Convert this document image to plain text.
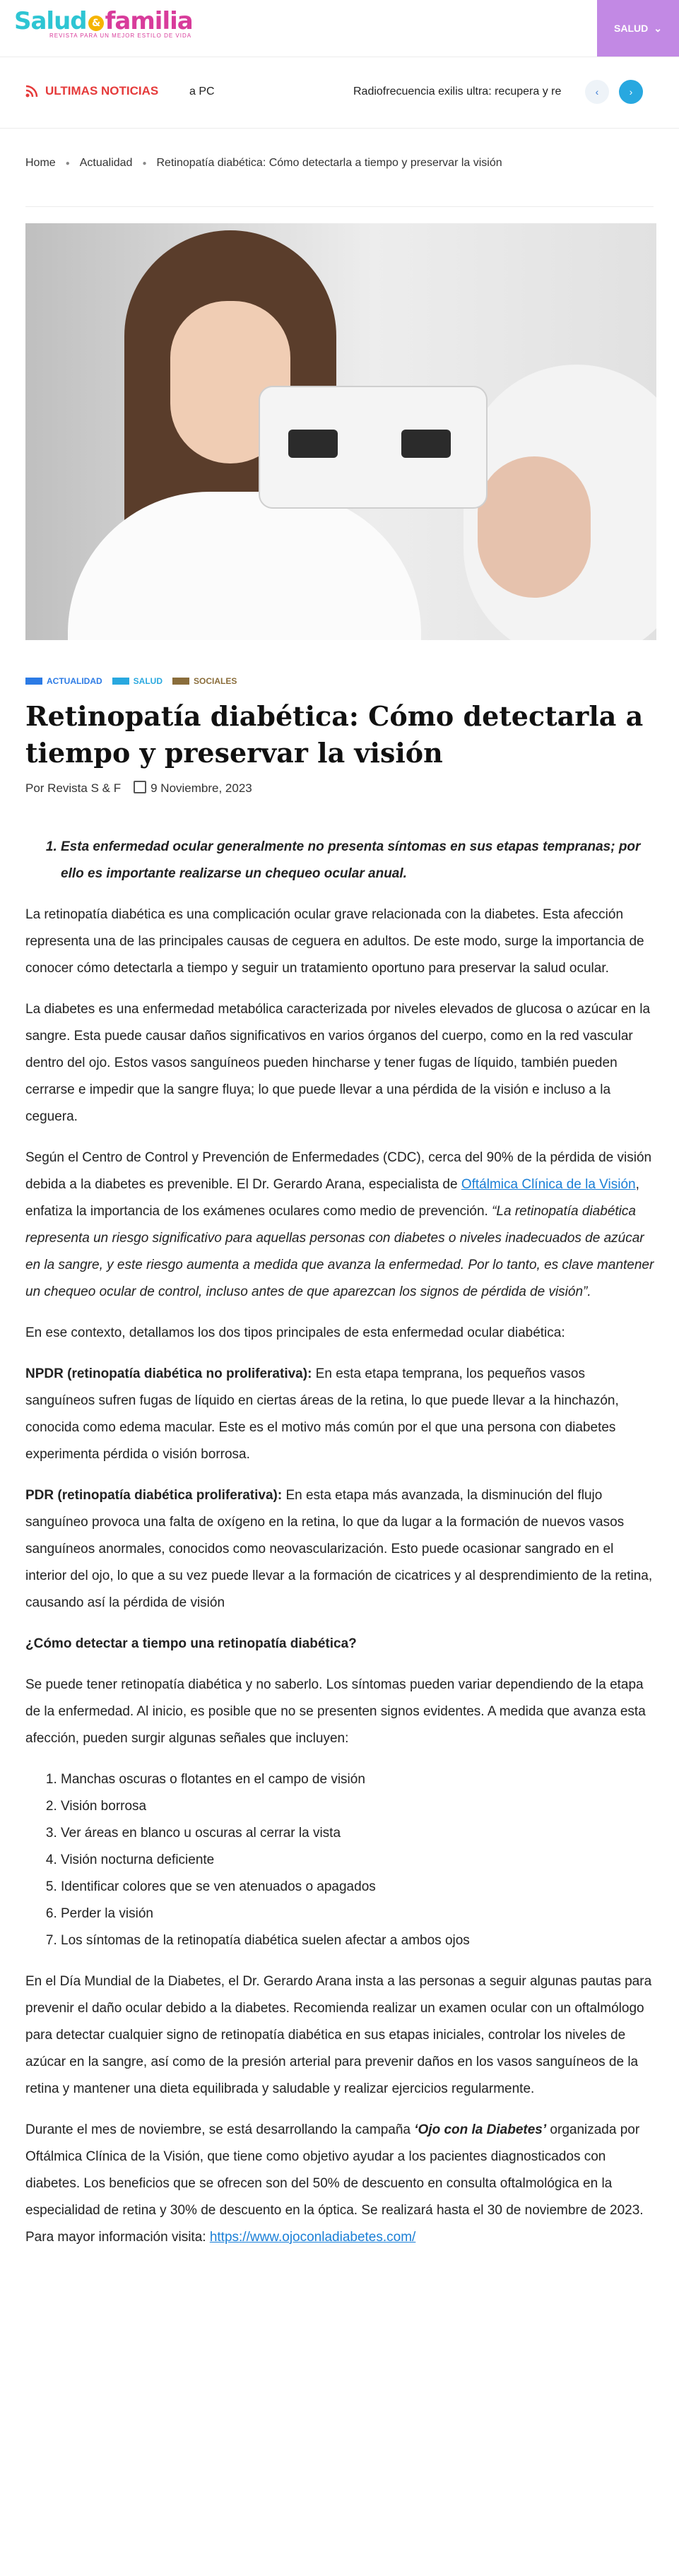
Salud & familia
REVISTA PARA UN MEJOR ESTILO DE VIDA
SALUD ⌄
ULTIMAS NOTICIAS	a PC	Radiofrecuencia exilis ultra: recupera y re	‹	›
Home ● Actualidad ● Retinopatía diabética: Cómo detectarla a tiempo y preservar la visión
ACTUALIDAD	SALUD	SOCIALES
Retinopatía diabética: Cómo detectarla a tiempo y preservar la visión
Por Revista S & F	9 Noviembre, 2023
1. Esta enfermedad ocular generalmente no presenta síntomas en sus etapas tempranas; por ello es importante realizarse un chequeo ocular anual.

La retinopatía diabética es una complicación ocular grave relacionada con la diabetes. Esta afección representa una de las principales causas de ceguera en adultos. De este modo, surge la importancia de conocer cómo detectarla a tiempo y seguir un tratamiento oportuno para preservar la salud ocular.

La diabetes es una enfermedad metabólica caracterizada por niveles elevados de glucosa o azúcar en la sangre. Esta puede causar daños significativos en varios órganos del cuerpo, como en la red vascular dentro del ojo. Estos vasos sanguíneos pueden hincharse y tener fugas de líquido, también pueden cerrarse e impedir que la sangre fluya; lo que puede llevar a una pérdida de la visión e incluso a la ceguera.

Según el Centro de Control y Prevención de Enfermedades (CDC), cerca del 90% de la pérdida de visión debida a la diabetes es prevenible. El Dr. Gerardo Arana, especialista de Oftálmica Clínica de la Visión, enfatiza la importancia de los exámenes oculares como medio de prevención. “La retinopatía diabética representa un riesgo significativo para aquellas personas con diabetes o niveles inadecuados de azúcar en la sangre, y este riesgo aumenta a medida que avanza la enfermedad. Por lo tanto, es clave mantener un chequeo ocular de control, incluso antes de que aparezcan los signos de pérdida de visión”.

En ese contexto, detallamos los dos tipos principales de esta enfermedad ocular diabética:

NPDR (retinopatía diabética no proliferativa): En esta etapa temprana, los pequeños vasos sanguíneos sufren fugas de líquido en ciertas áreas de la retina, lo que puede llevar a la hinchazón, conocida como edema macular. Este es el motivo más común por el que una persona con diabetes experimenta pérdida o visión borrosa.

PDR (retinopatía diabética proliferativa): En esta etapa más avanzada, la disminución del flujo sanguíneo provoca una falta de oxígeno en la retina, lo que da lugar a la formación de nuevos vasos sanguíneos anormales, conocidos como neovascularización. Esto puede ocasionar sangrado en el interior del ojo, lo que a su vez puede llevar a la formación de cicatrices y al desprendimiento de la retina, causando así la pérdida de visión

¿Cómo detectar a tiempo una retinopatía diabética?

Se puede tener retinopatía diabética y no saberlo. Los síntomas pueden variar dependiendo de la etapa de la enfermedad. Al inicio, es posible que no se presenten signos evidentes. A medida que avanza esta afección, pueden surgir algunas señales que incluyen:

1. Manchas oscuras o flotantes en el campo de visión
2. Visión borrosa
3. Ver áreas en blanco u oscuras al cerrar la vista
4. Visión nocturna deficiente
5. Identificar colores que se ven atenuados o apagados
6. Perder la visión
7. Los síntomas de la retinopatía diabética suelen afectar a ambos ojos

En el Día Mundial de la Diabetes, el Dr. Gerardo Arana insta a las personas a seguir algunas pautas para prevenir el daño ocular debido a la diabetes. Recomienda realizar un examen ocular con un oftalmólogo para detectar cualquier signo de retinopatía diabética en sus etapas iniciales, controlar los niveles de azúcar en la sangre, así como de la presión arterial para prevenir daños en los vasos sanguíneos de la retina y mantener una dieta equilibrada y saludable y realizar ejercicios regularmente.

Durante el mes de noviembre, se está desarrollando la campaña ‘Ojo con la Diabetes’ organizada por Oftálmica Clínica de la Visión, que tiene como objetivo ayudar a los pacientes diagnosticados con diabetes. Los beneficios que se ofrecen son del 50% de descuento en consulta oftalmológica en la especialidad de retina y 30% de descuento en la óptica. Se realizará hasta el 30 de noviembre de 2023. Para mayor información visita: https://www.ojoconladiabetes.com/
